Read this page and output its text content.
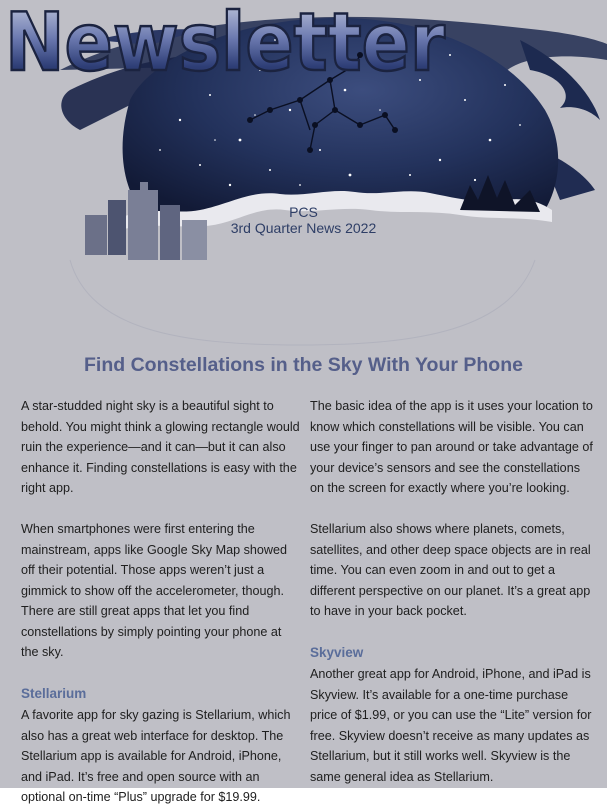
PCS
3rd Quarter News 2022
Newsletter
Find Constellations in the Sky With Your Phone

A star-studded night sky is a beautiful sight to behold. You might think a glowing rectangle would ruin the experience—and it can—but it can also enhance it. Finding constellations is easy with the right app.

When smartphones were first entering the mainstream, apps like Google Sky Map showed off their potential. Those apps weren’t just a gimmick to show off the accelerometer, though. There are still great apps that let you find constellations by simply pointing your phone at the sky.

Stellarium

A favorite app for sky gazing is Stellarium, which also has a great web interface for desktop. The Stellarium app is available for Android, iPhone, and iPad. It’s free and open source with an optional on-time “Plus” upgrade for $19.99.

The basic idea of the app is it uses your location to know which constellations will be visible. You can use your finger to pan around or take advantage of your device’s sensors and see the constellations on the screen for exactly where you’re looking.

Stellarium also shows where planets, comets, satellites, and other deep space objects are in real time. You can even zoom in and out to get a different perspective on our planet. It’s a great app to have in your back pocket.

Skyview

Another great app for Android, iPhone, and iPad is Skyview. It’s available for a one-time purchase price of $1.99, or you can use the “Lite” version for free. Skyview doesn’t receive as many updates as Stellarium, but it still works well. Skyview is the same general idea as Stellarium.
